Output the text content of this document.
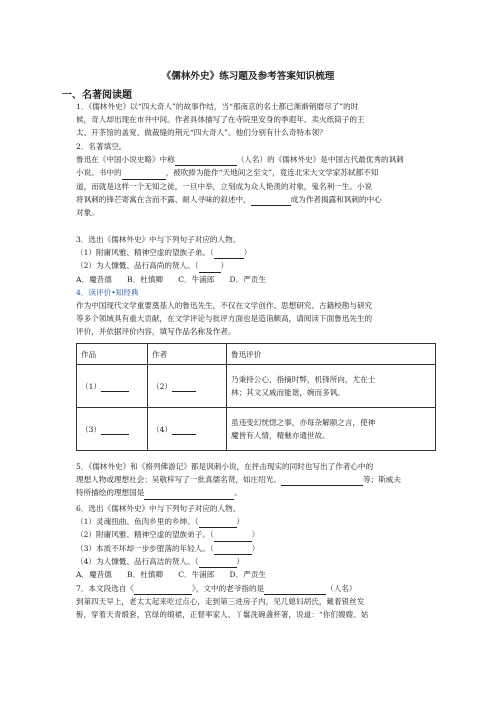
《儒林外史》练习题及参考答案知识梳理
一、名著阅读题
1．《儒林外史》以“四大奇人”的故事作结，当“那南京的名士都已渐渐销磨尽了”的时
候，奇人却出现在市井中间。作者具体描写了在寺院里安身的季遐年、卖火纸筒子的王
太、开茶馆的盖宽、做裁缝的荆元“四大奇人”。他们分别有什么奇特本领？
2．名著填空。
鲁迅在《中国小说史略》中称	（人名）的《儒林外史》是中国古代最优秀的讽刺
小说。书中的	，被吹捧为能作“天地间之至文”，竟连北宋大文学家苏轼都不知
道，而就是这样一个无知之徒，一旦中举，立刻成为众人艳羡的对象，鬼名利一生。小说
将讽刺的锋芒寄寓在含而不露、耐人寻味的叙述中，	成为作者揭露和讽刺的中心
对象。
3．选出《儒林外史》中与下列句子对应的人物。
（1）附庸风雅、精神空虚的望族子弟。（	）
（2）为人慷慨、品行高尚的贤人。（	）
A．魔昔德　　B．杜慎卿　　C．牛浦郎　　D．严贡生
4．读评价•知经典
作为中国现代文学重要奠基人的鲁迅先生，不仅在文学创作、思想研究、古籍校勘与研究
等多个领域具有重大贡献，在文学评论与批评方面也是造诣颇高，请阅读下面鲁迅先生的
评价，并依据评价内容，填写作品名称及作者。
作品	作者	鲁迅评价
（1）	（2）	乃秉持公心，指摘时弊，机锋所向，尤在士
林；其文又戚而能谐，婉而多讽。

（3）	（4）	虽违变幻恍惚之事，亦每杂解颐之言，使神
魔皆有人情，精魅亦通世故。
5．《儒林外史》和《格列佛游记》都是讽刺小说，在抨击现实的同时也写出了作者心中的
理想人物或理想社会；吴敬梓写了一批真儒名贤，如庄绍光、	等；斯威夫
特所描绘的理想国是	。
6．选出《儒林外史》中与下列句子对应的人物。
（1）灵魂扭曲、鱼肉乡里的乡绅。（	）
（2）附庸风雅、精神空虚的望族弟子。（	）
（3）本质不坏却一步步堕落的年轻人。（	）
（4）为人慷慨、品行高洁的贤人。（	）
A．魔昔德　　B．杜慎卿　　C．牛浦郎　　D．严贡生
7．本文段选自《	》，文中的老爷指的是	（人名）
到第四天早上，老太太起来吃过点心，走到第三进房子内，见几媳妇胡氏，戴着银丝发
髻，穿着天青缎套，官绿的缎裙，正督率家人、丫鬟洗碗盏杯箸，说道：“你们嫂嫂、姑
